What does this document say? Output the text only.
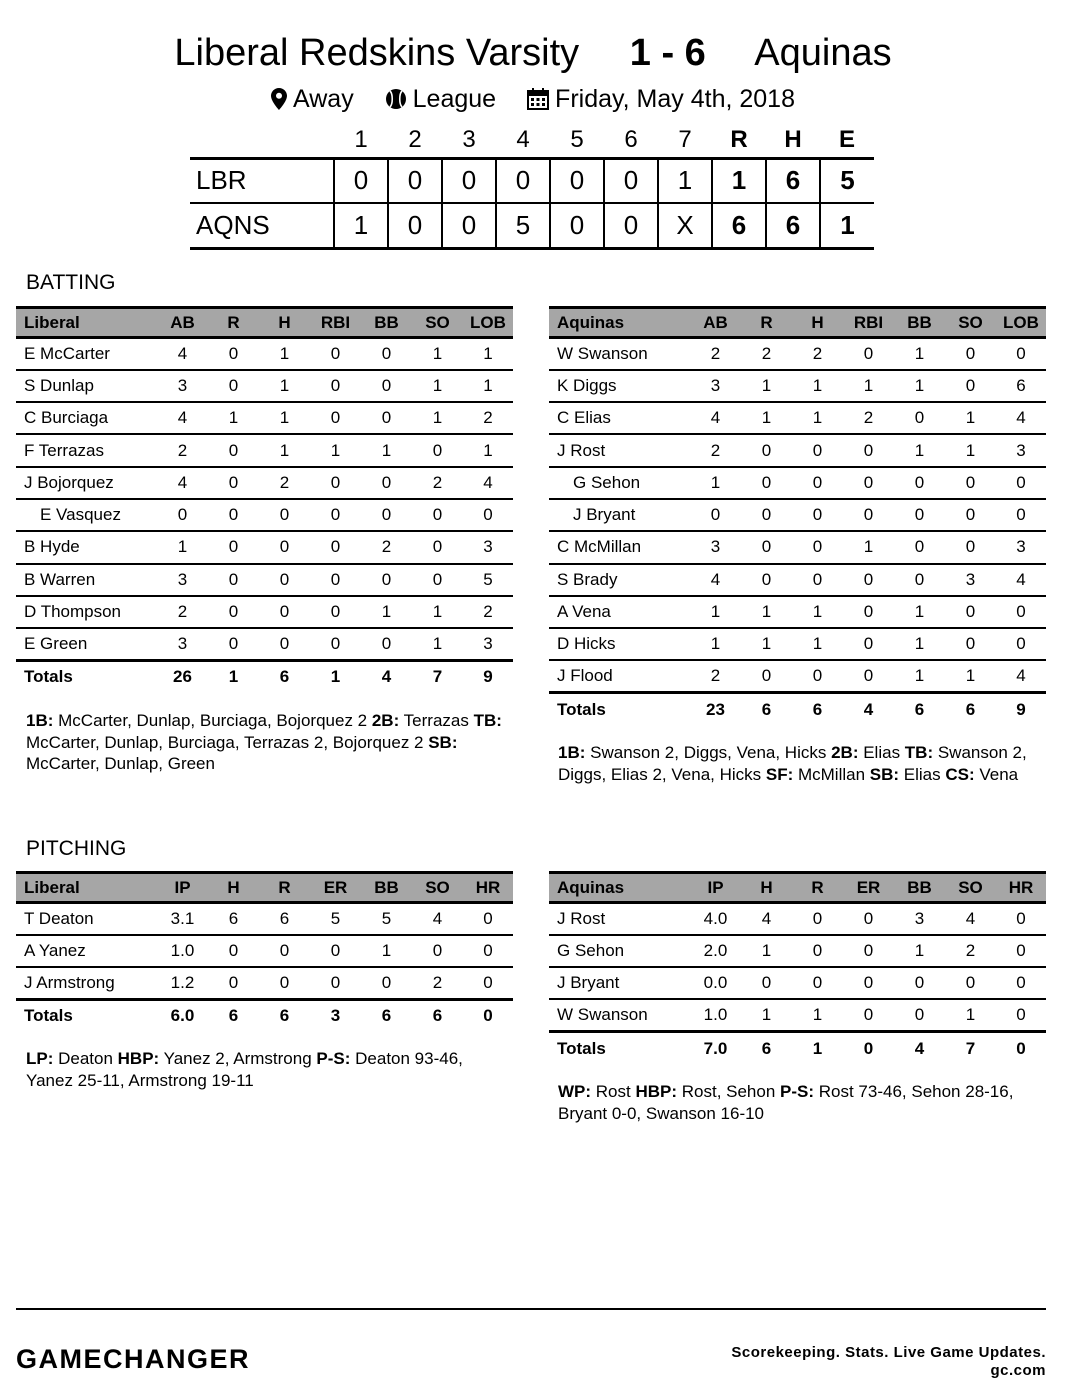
Liberal Redskins Varsity 1 - 6 Aquinas
Away League Friday, May 4th, 2018
	1	2	3	4	5	6	7	R	H	E
LBR	0	0	0	0	0	0	1	1	6	5
AQNS	1	0	0	5	0	0	X	6	6	1
BATTING
Liberal	AB	R	H	RBI	BB	SO	LOB
E McCarter	4	0	1	0	0	1	1
S Dunlap	3	0	1	0	0	1	1
C Burciaga	4	1	1	0	0	1	2
F Terrazas	2	0	1	1	1	0	1
J Bojorquez	4	0	2	0	0	2	4
E Vasquez	0	0	0	0	0	0	0
B Hyde	1	0	0	0	2	0	3
B Warren	3	0	0	0	0	0	5
D Thompson	2	0	0	0	1	1	2
E Green	3	0	0	0	0	1	3
Totals	26	1	6	1	4	7	9
1B: McCarter, Dunlap, Burciaga, Bojorquez 2 2B: Terrazas TB: McCarter, Dunlap, Burciaga, Terrazas 2, Bojorquez 2 SB: McCarter, Dunlap, Green
Aquinas	AB	R	H	RBI	BB	SO	LOB
W Swanson	2	2	2	0	1	0	0
K Diggs	3	1	1	1	1	0	6
C Elias	4	1	1	2	0	1	4
J Rost	2	0	0	0	1	1	3
G Sehon	1	0	0	0	0	0	0
J Bryant	0	0	0	0	0	0	0
C McMillan	3	0	0	1	0	0	3
S Brady	4	0	0	0	0	3	4
A Vena	1	1	1	0	1	0	0
D Hicks	1	1	1	0	1	0	0
J Flood	2	0	0	0	1	1	4
Totals	23	6	6	4	6	6	9
1B: Swanson 2, Diggs, Vena, Hicks 2B: Elias TB: Swanson 2, Diggs, Elias 2, Vena, Hicks SF: McMillan SB: Elias CS: Vena
PITCHING
Liberal	IP	H	R	ER	BB	SO	HR
T Deaton	3.1	6	6	5	5	4	0
A Yanez	1.0	0	0	0	1	0	0
J Armstrong	1.2	0	0	0	0	2	0
Totals	6.0	6	6	3	6	6	0
LP: Deaton HBP: Yanez 2, Armstrong P-S: Deaton 93-46, Yanez 25-11, Armstrong 19-11
Aquinas	IP	H	R	ER	BB	SO	HR
J Rost	4.0	4	0	0	3	4	0
G Sehon	2.0	1	0	0	1	2	0
J Bryant	0.0	0	0	0	0	0	0
W Swanson	1.0	1	1	0	0	1	0
Totals	7.0	6	1	0	4	7	0
WP: Rost HBP: Rost, Sehon P-S: Rost 73-46, Sehon 28-16, Bryant 0-0, Swanson 16-10
GAMECHANGER	Scorekeeping. Stats. Live Game Updates.
gc.com
